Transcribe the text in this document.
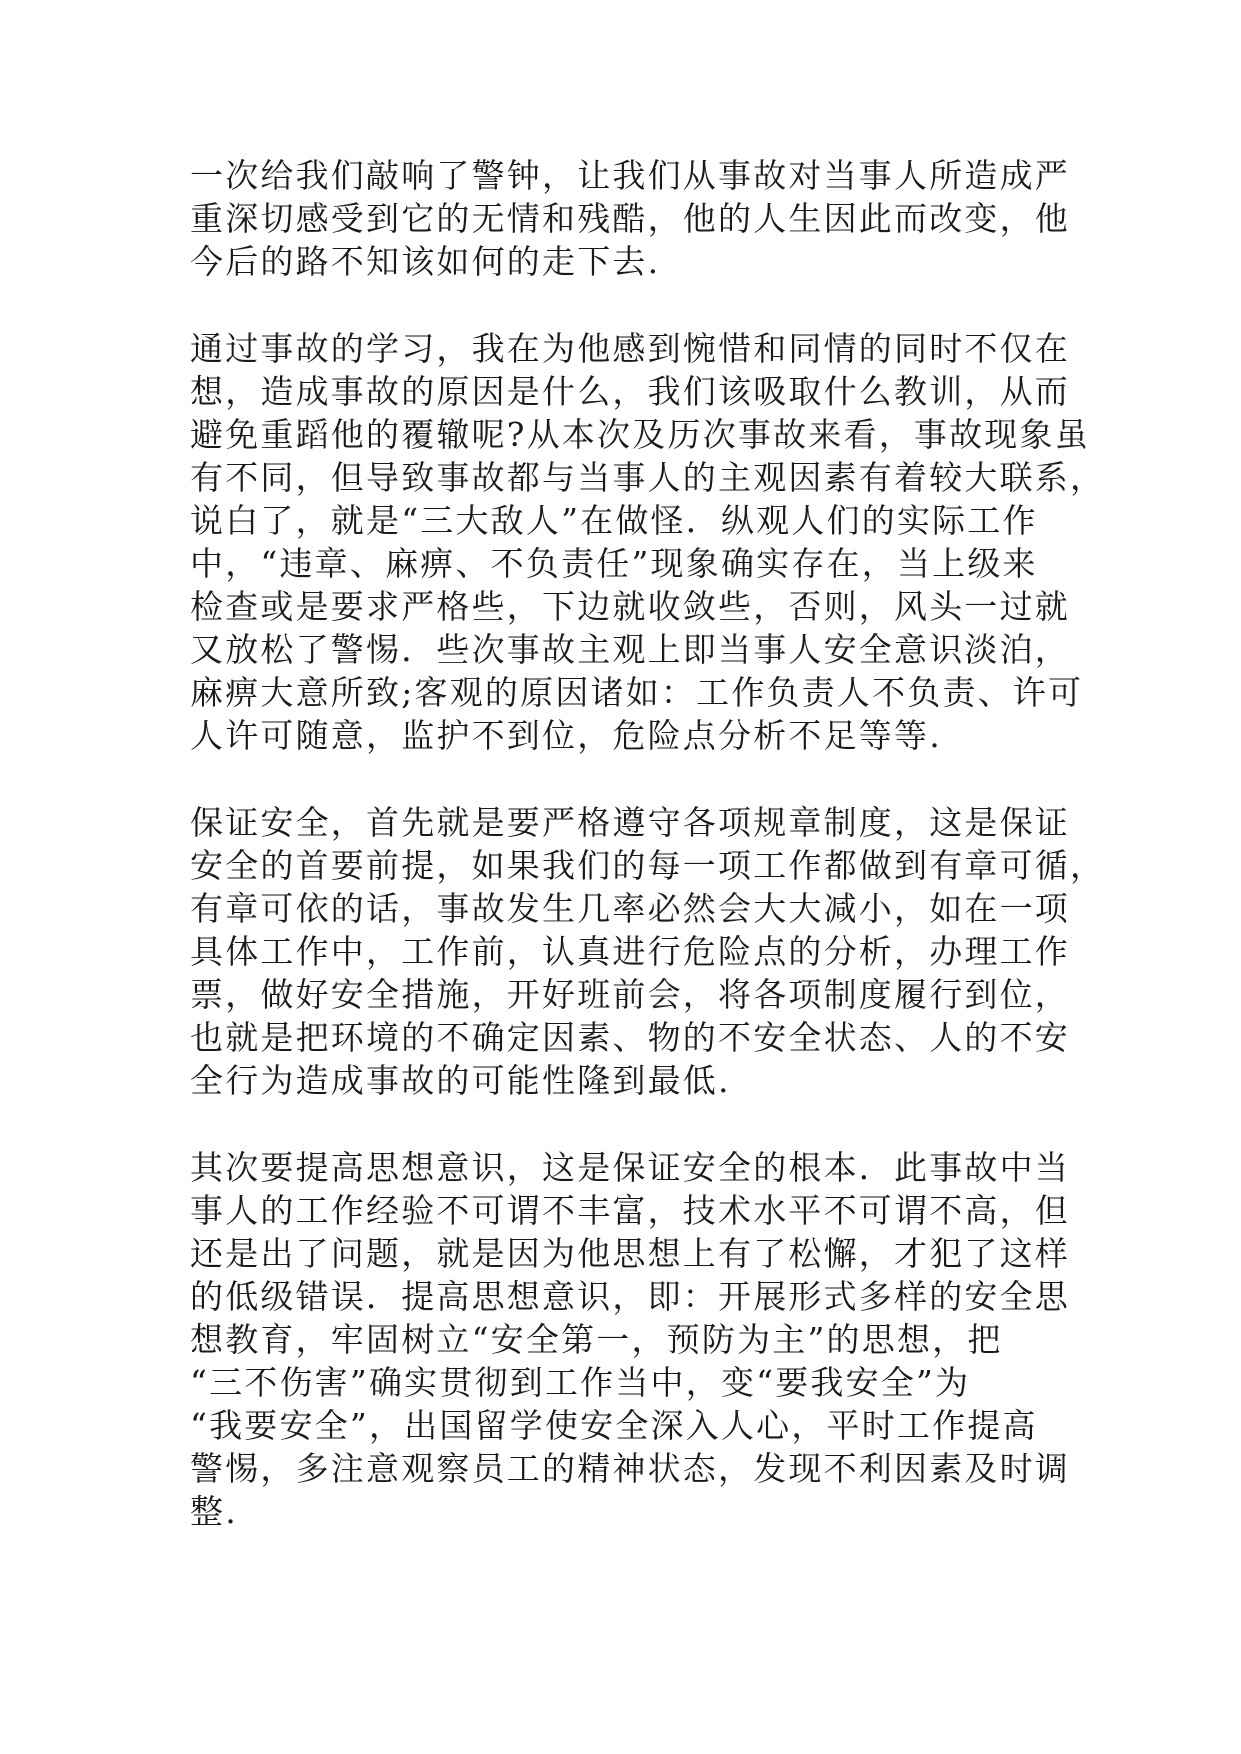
一次给我们敲响了警钟，让我们从事故对当事人所造成严
重深切感受到它的无情和残酷，他的人生因此而改变，他
今后的路不知该如何的走下去.
通过事故的学习，我在为他感到惋惜和同情的同时不仅在
想，造成事故的原因是什么，我们该吸取什么教训，从而
避免重蹈他的覆辙呢?从本次及历次事故来看，事故现象虽
有不同，但导致事故都与当事人的主观因素有着较大联系，
说白了，就是“三大敌人”在做怪．纵观人们的实际工作
中，“违章、麻痹、不负责任”现象确实存在，当上级来
检查或是要求严格些，下边就收敛些，否则，风头一过就
又放松了警惕．些次事故主观上即当事人安全意识淡泊，
麻痹大意所致;客观的原因诸如：工作负责人不负责、许可
人许可随意，监护不到位，危险点分析不足等等.
保证安全，首先就是要严格遵守各项规章制度，这是保证
安全的首要前提，如果我们的每一项工作都做到有章可循，
有章可依的话，事故发生几率必然会大大减小，如在一项
具体工作中，工作前，认真进行危险点的分析，办理工作
票，做好安全措施，开好班前会，将各项制度履行到位，
也就是把环境的不确定因素、物的不安全状态、人的不安
全行为造成事故的可能性隆到最低.
其次要提高思想意识，这是保证安全的根本．此事故中当
事人的工作经验不可谓不丰富，技术水平不可谓不高，但
还是出了问题，就是因为他思想上有了松懈，才犯了这样
的低级错误．提高思想意识，即：开展形式多样的安全思
想教育，牢固树立“安全第一，预防为主”的思想，把
“三不伤害”确实贯彻到工作当中，变“要我安全”为
“我要安全”，出国留学使安全深入人心，平时工作提高
警惕，多注意观察员工的精神状态，发现不利因素及时调
整.
